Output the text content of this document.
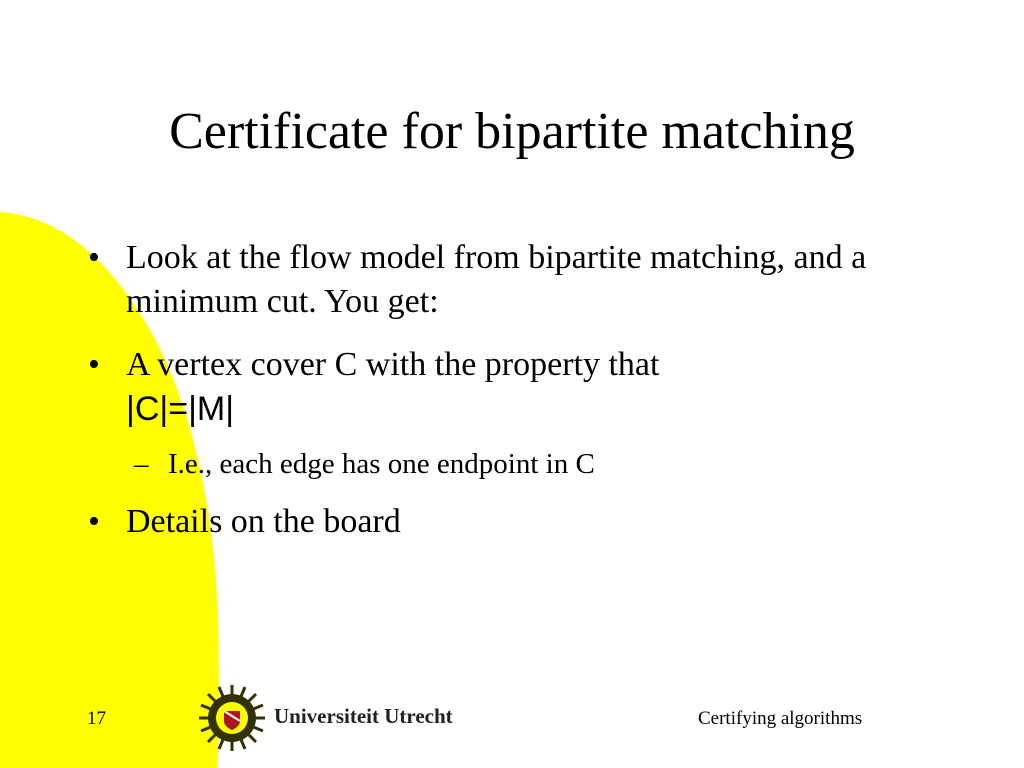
Certificate for bipartite matching
• Look at the flow model from bipartite matching, and a minimum cut. You get:
• A vertex cover C with the property that
|C|=|M|
– I.e., each edge has one endpoint in C
• Details on the board
17	Universiteit Utrecht	Certifying algorithms
